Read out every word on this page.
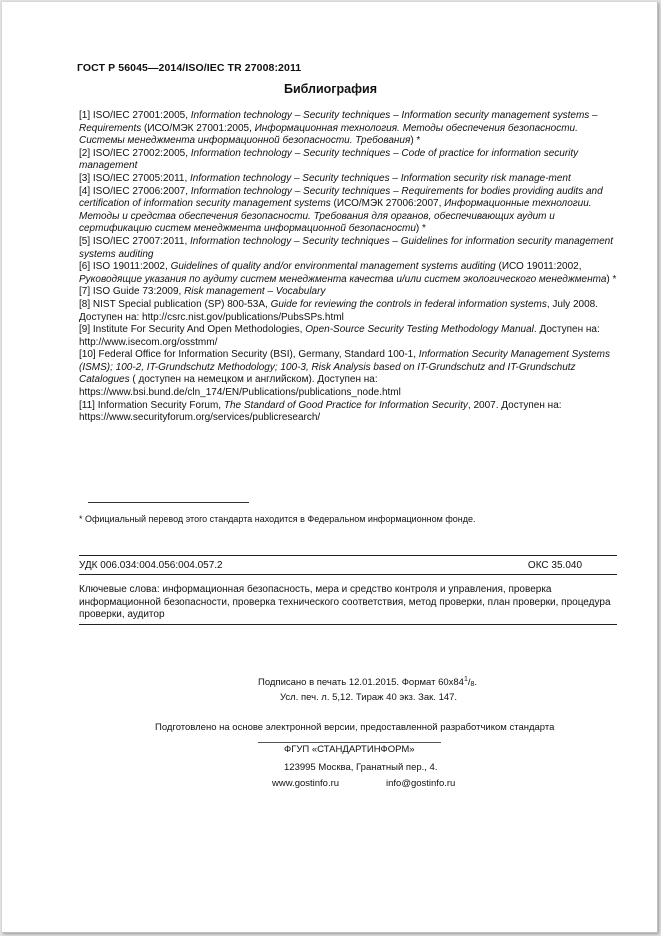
ГОСТ Р 56045—2014/ISO/IEC TR 27008:2011
Библиография

[1] ISO/IEC 27001:2005, Information technology – Security techniques – Information security management systems – Requirements (ИСО/МЭК 27001:2005, Информационная технология. Методы обеспечения безопасности. Системы менеджмента информационной безопасности. Требования) *

[2] ISO/IEC 27002:2005, Information technology – Security techniques – Code of practice for information security management

[3] ISO/IEC 27005:2011, Information technology – Security techniques – Information security risk manage-ment

[4] ISO/IEC 27006:2007, Information technology – Security techniques – Requirements for bodies providing audits and certification of information security management systems (ИСО/МЭК 27006:2007, Информационные технологии. Методы и средства обеспечения безопасности. Требования для органов, обеспечивающих аудит и сертификацию систем менеджмента информационной безопасности) *

[5] ISO/IEC 27007:2011, Information technology – Security techniques – Guidelines for information security management systems auditing

[6] ISO 19011:2002, Guidelines of quality and/or environmental management systems auditing (ИСО 19011:2002, Руководящие указания по аудиту систем менеджмента качества и/или систем экологического менеджмента) *

[7] ISO Guide 73:2009, Risk management – Vocabulary

[8] NIST Special publication (SP) 800-53A, Guide for reviewing the controls in federal information systems, July 2008. Доступен на: http://csrc.nist.gov/publications/PubsSPs.html

[9] Institute For Security And Open Methodologies, Open-Source Security Testing Methodology Manual. Доступен на: http://www.isecom.org/osstmm/

[10] Federal Office for Information Security (BSI), Germany, Standard 100-1, Information Security Management Systems (ISMS); 100-2, IT-Grundschutz Methodology; 100-3, Risk Analysis based on IT-Grundschutz and IT-Grundschutz Catalogues ( доступен на немецком и английском). Доступен на: https://www.bsi.bund.de/cln_174/EN/Publications/publications_node.html

[11] Information Security Forum, The Standard of Good Practice for Information Security, 2007. Доступен на: https://www.securityforum.org/services/publicresearch/

* Официальный перевод этого стандарта находится в Федеральном информационном фонде.
УДК 006.034:004.056:004.057.2	ОКС 35.040
Ключевые слова: информационная безопасность, мера и средство контроля и управления, проверка информационной безопасности, проверка технического соответствия, метод проверки, план проверки, процедура проверки, аудитор
Подписано в печать 12.01.2015. Формат $60x84^1/8$.
Усл. печ. л. 5,12. Тираж 40 экз. Зак. 147.
Подготовлено на основе электронной версии, предоставленной разработчиком стандарта
ФГУП «СТАНДАРТИНФОРМ»
123995 Москва, Гранатный пер., 4.
www.gostinfo.ru	info@gostinfo.ru
